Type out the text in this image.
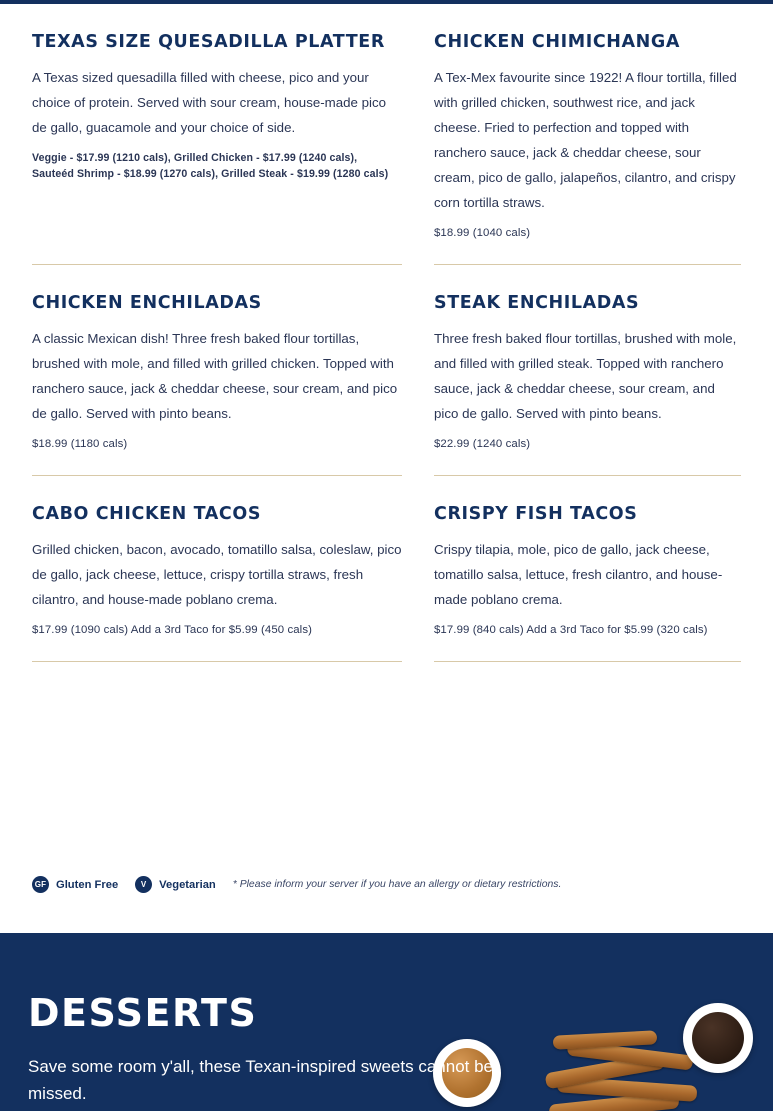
TEXAS SIZE QUESADILLA PLATTER

A Texas sized quesadilla filled with cheese, pico and your choice of protein. Served with sour cream, house-made pico de gallo, guacamole and your choice of side.

Veggie - $17.99 (1210 cals), Grilled Chicken - $17.99 (1240 cals), Sauteéd Shrimp - $18.99 (1270 cals), Grilled Steak - $19.99 (1280 cals)

CHICKEN CHIMICHANGA

A Tex-Mex favourite since 1922! A flour tortilla, filled with grilled chicken, southwest rice, and jack cheese. Fried to perfection and topped with ranchero sauce, jack & cheddar cheese, sour cream, pico de gallo, jalapeños, cilantro, and crispy corn tortilla straws.

$18.99 (1040 cals)

CHICKEN ENCHILADAS

A classic Mexican dish! Three fresh baked flour tortillas, brushed with mole, and filled with grilled chicken. Topped with ranchero sauce, jack & cheddar cheese, sour cream, and pico de gallo. Served with pinto beans.

$18.99 (1180 cals)

STEAK ENCHILADAS

Three fresh baked flour tortillas, brushed with mole, and filled with grilled steak. Topped with ranchero sauce, jack & cheddar cheese, sour cream, and pico de gallo. Served with pinto beans.

$22.99 (1240 cals)

CABO CHICKEN TACOS

Grilled chicken, bacon, avocado, tomatillo salsa, coleslaw, pico de gallo, jack cheese, lettuce, crispy tortilla straws, fresh cilantro, and house-made poblano crema.

$17.99 (1090 cals) Add a 3rd Taco for $5.99 (450 cals)

CRISPY FISH TACOS

Crispy tilapia, mole, pico de gallo, jack cheese, tomatillo salsa, lettuce, fresh cilantro, and house-made poblano crema.

$17.99 (840 cals) Add a 3rd Taco for $5.99 (320 cals)

GF Gluten Free	V	Vegetarian * Please inform your server if you have an allergy or dietary restrictions.
DESSERTS

Save some room y'all, these Texan-inspired sweets cannot be missed.
